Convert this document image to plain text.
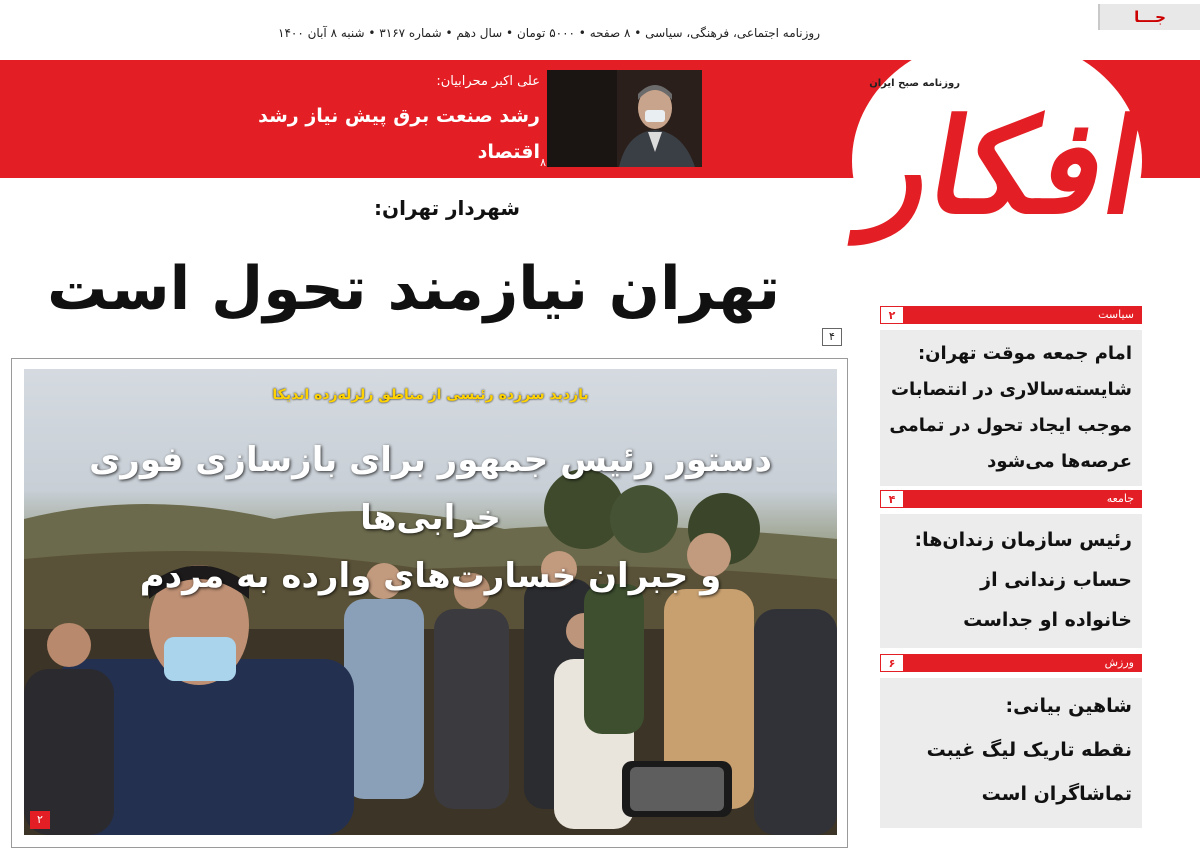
جـــا
روزنامه اجتماعی، فرهنگی، سیاسی • ۸ صفحه • ۵۰۰۰ تومان • سال دهم • شماره ۳۱۶۷ • شنبه ۸ آبان ۱۴۰۰
افکار
روزنامه صبح ایران
علی اکبر محرابیان:
رشد صنعت برق پیش نیاز رشد اقتصاد
کشور است
۸
شهردار تهران:
تهران نیازمند تحول است
۴
بازدید سرزده رئیسی از مناطق زلزله‌زده اندیکا
دستور رئیس جمهور برای بازسازی فوری خرابی‌ها
و جبران خسارت‌های وارده به مردم
۲
سیاست
۲
امام جمعه موقت تهران:
شایسته‌سالاری در انتصابات
موجب ایجاد تحول در تمامی
عرصه‌ها می‌شود
جامعه
۴
رئیس سازمان زندان‌ها:
حساب زندانی از
خانواده او جداست
ورزش
۶
شاهین بیانی:
نقطه تاریک لیگ غیبت
تماشاگران است
